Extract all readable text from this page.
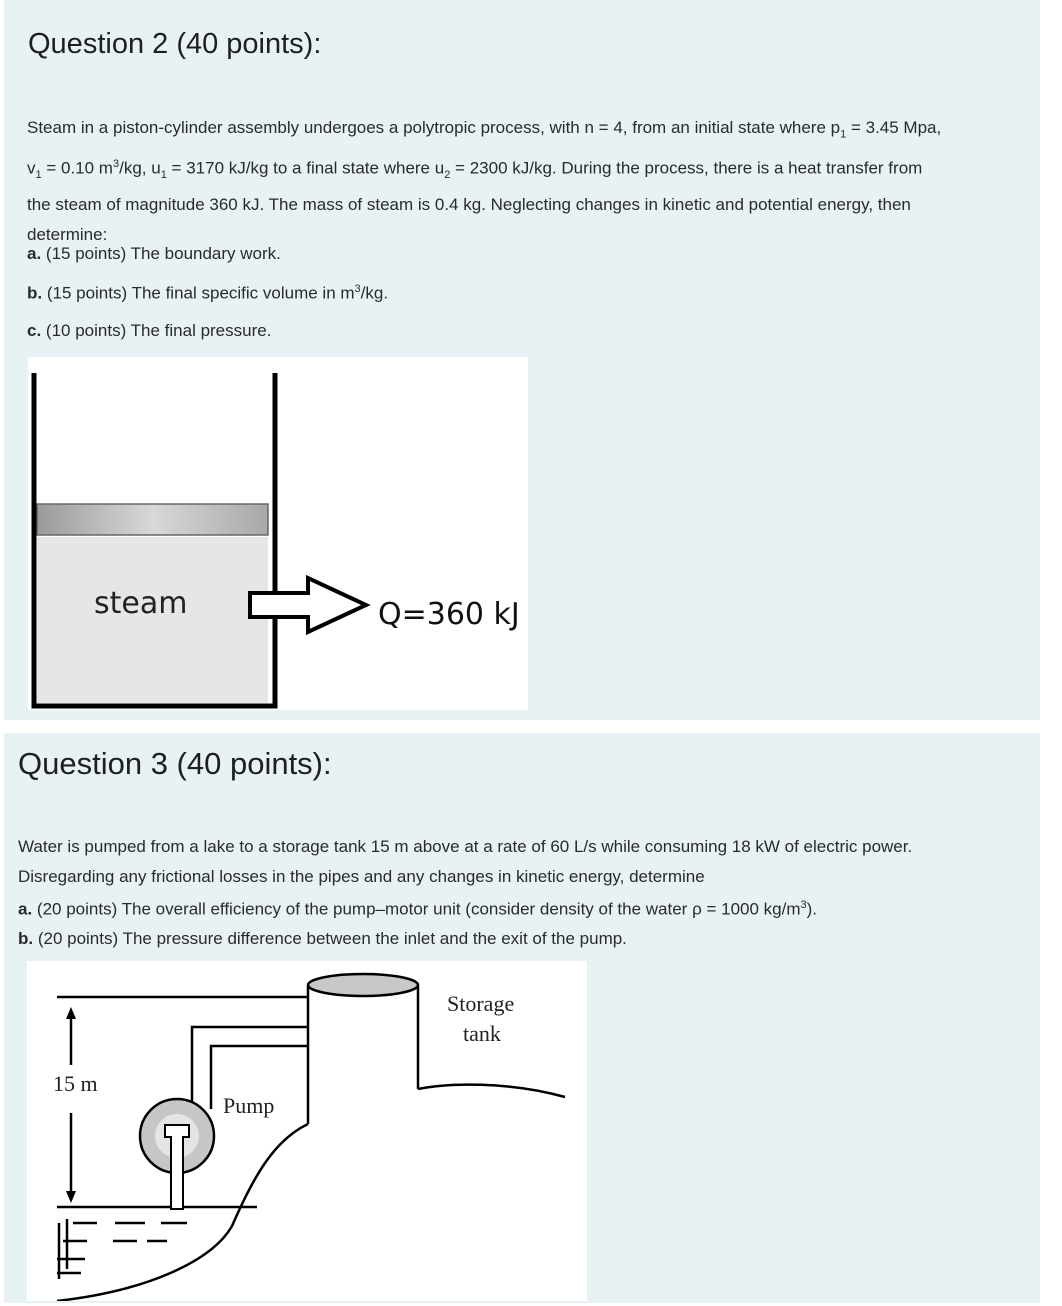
Question 2 (40 points):
Steam in a piston-cylinder assembly undergoes a polytropic process, with n = 4, from an initial state where $p_1 = 3.45$ Mpa,
$v_1 = 0.10$ $m^3/kg$, $u_1 = 3170$ kJ/kg to a final state where $u_2 = 2300$ kJ/kg. During the process, there is a heat transfer from
the steam of magnitude 360 kJ. The mass of steam is 0.4 kg. Neglecting changes in kinetic and potential energy, then
determine:
a. (15 points) The boundary work.
b. (15 points) The final specific volume in $m^3/kg$.
c. (10 points) The final pressure.
steam	Q=360 kJ
Question 3 (40 points):
Water is pumped from a lake to a storage tank 15 m above at a rate of 60 L/s while consuming 18 kW of electric power.
Disregarding any frictional losses in the pipes and any changes in kinetic energy, determine
a. (20 points) The overall efficiency of the pump–motor unit (consider density of the water ρ = 1000 $kg/m^3$).
b. (20 points) The pressure difference between the inlet and the exit of the pump.
Storage
tank
15 m
Pump
